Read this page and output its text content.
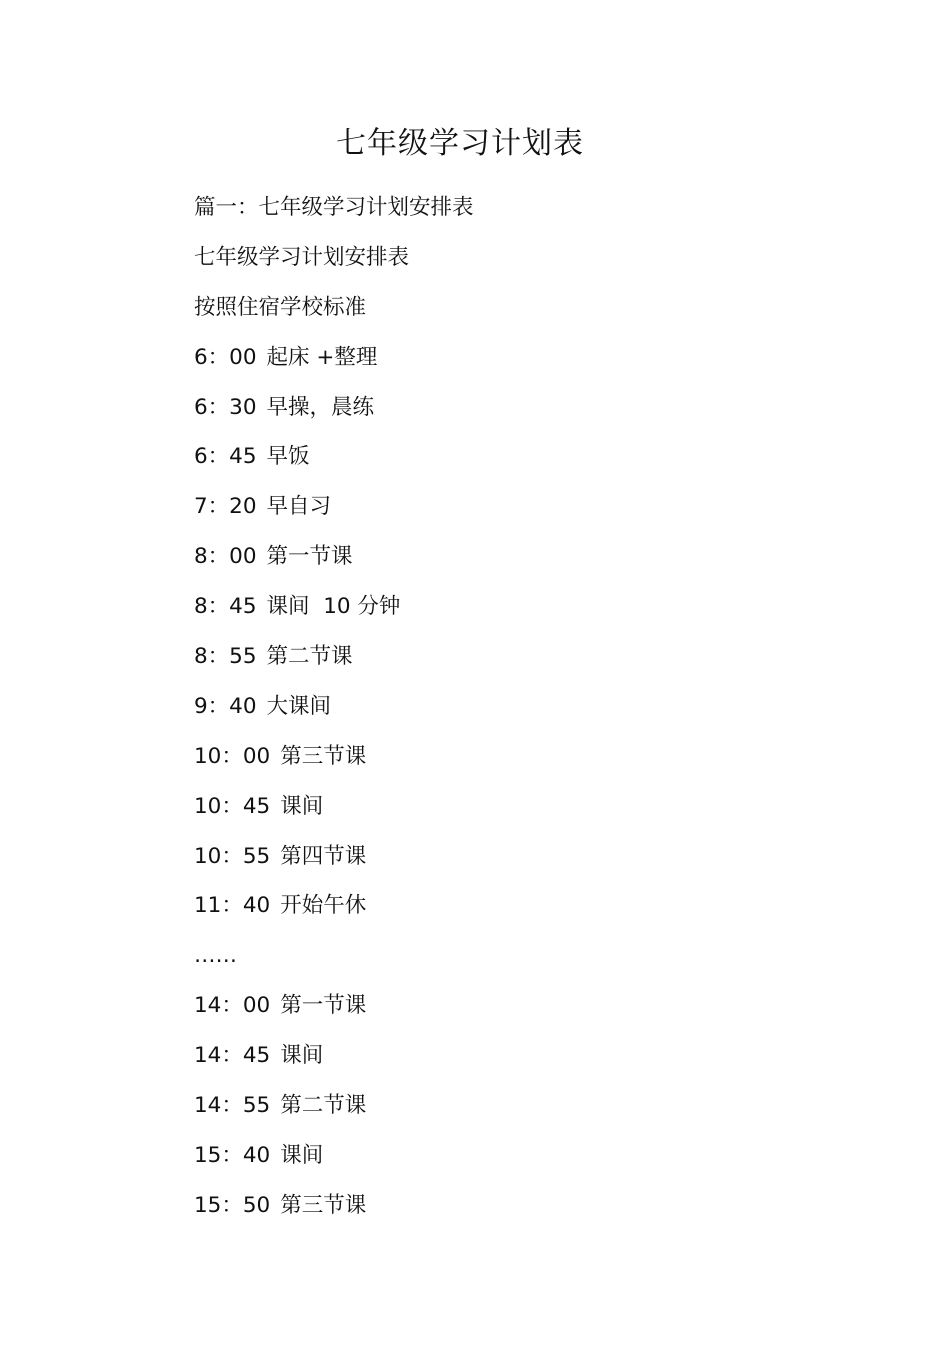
七年级学习计划表
篇一：七年级学习计划安排表
七年级学习计划安排表
按照住宿学校标准
6：00 起床 +整理
6：30 早操，晨练
6：45 早饭
7：20 早自习
8：00 第一节课
8：45 课间  10 分钟
8：55 第二节课
9：40 大课间
10：00 第三节课
10：45 课间
10：55 第四节课
11：40 开始午休
……
14：00 第一节课
14：45 课间
14：55 第二节课
15：40 课间
15：50 第三节课
